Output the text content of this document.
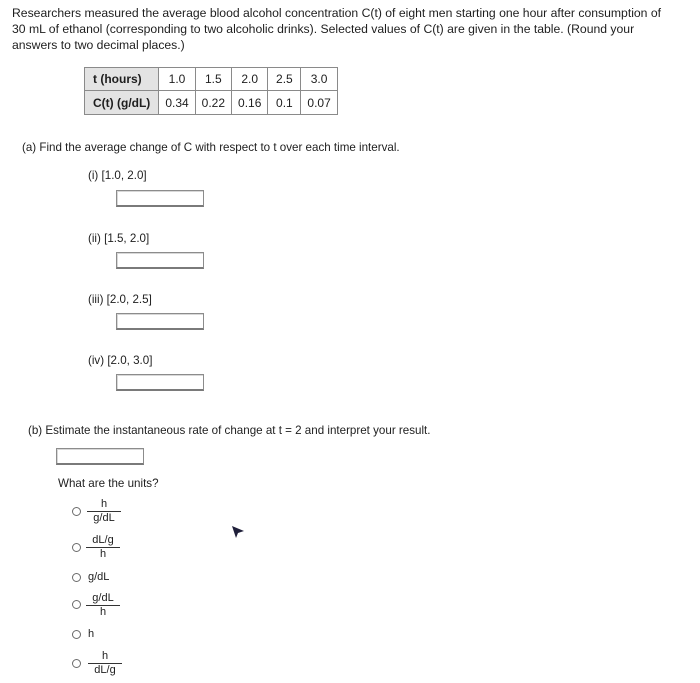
Researchers measured the average blood alcohol concentration C(t) of eight men starting one hour after consumption of
30 mL of ethanol (corresponding to two alcoholic drinks). Selected values of C(t) are given in the table. (Round your
answers to two decimal places.)
t (hours)	1.0	1.5	2.0	2.5	3.0
C(t) (g/dL)	0.34	0.22	0.16	0.1	0.07
(a) Find the average change of C with respect to t over each time interval.
(i) [1.0, 2.0]
(ii) [1.5, 2.0]
(iii) [2.0, 2.5]
(iv) [2.0, 3.0]
(b) Estimate the instantaneous rate of change at t = 2 and interpret your result.
What are the units?
$\frac{h}{g/dL}$
$\frac{dL/g}{h}$
g/dL
$\frac{g/dL}{h}$
h
$\frac{h}{dL/g}$
